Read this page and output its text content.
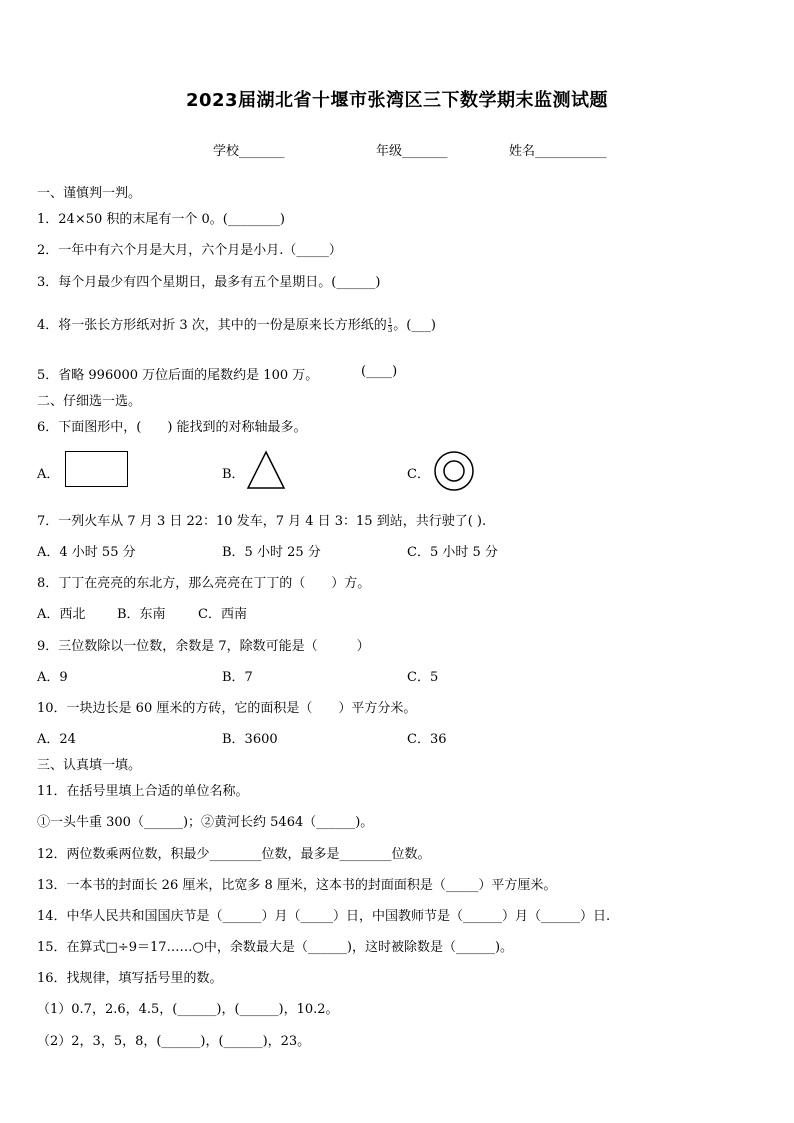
2023届湖北省十堰市张湾区三下数学期末监测试题
学校_______	年级_______	姓名___________
一、谨慎判一判。
1．24×50 积的末尾有一个 0。(________)
2．一年中有六个月是大月，六个月是小月.（_____）
3．每个月最少有四个星期日，最多有五个星期日。(______)
4．将一张长方形纸对折 3 次，其中的一份是原来长方形纸的 $\frac{1}{3}$ 。(___)
5．省略 996000 万位后面的尾数约是 100 万。	(____)
二、仔细选一选。
6．下面图形中，(　　) 能找到的对称轴最多。
A．	B．	C．
7．一列火车从 7 月 3 日 22：10 发车，7 月 4 日 3：15 到站，共行驶了( ).
A．4 小时 55 分	B．5 小时 25 分	C．5 小时 5 分
8．丁丁在亮亮的东北方，那么亮亮在丁丁的（　　）方。
A．西北 B．东南 C．西南
9．三位数除以一位数，余数是 7，除数可能是（　　　）
A．9	B．7	C．5
10．一块边长是 60 厘米的方砖，它的面积是（　　）平方分米。
A．24	B．3600	C．36
三、认真填一填。
11．在括号里填上合适的单位名称。
①一头牛重 300（______)；②黄河长约 5464（______)。
12．两位数乘两位数，积最少________位数，最多是________位数。
13．一本书的封面长 26 厘米，比宽多 8 厘米，这本书的封面面积是（_____）平方厘米。
14．中华人民共和国国庆节是（______）月（_____）日，中国教师节是（______）月（______）日.
15．在算式□÷9＝17……○中，余数最大是（______)，这时被除数是（______)。
16．找规律，填写括号里的数。
（1）0.7，2.6，4.5，(______)，(______)，10.2。
（2）2，3，5，8，(______)，(______)，23。
